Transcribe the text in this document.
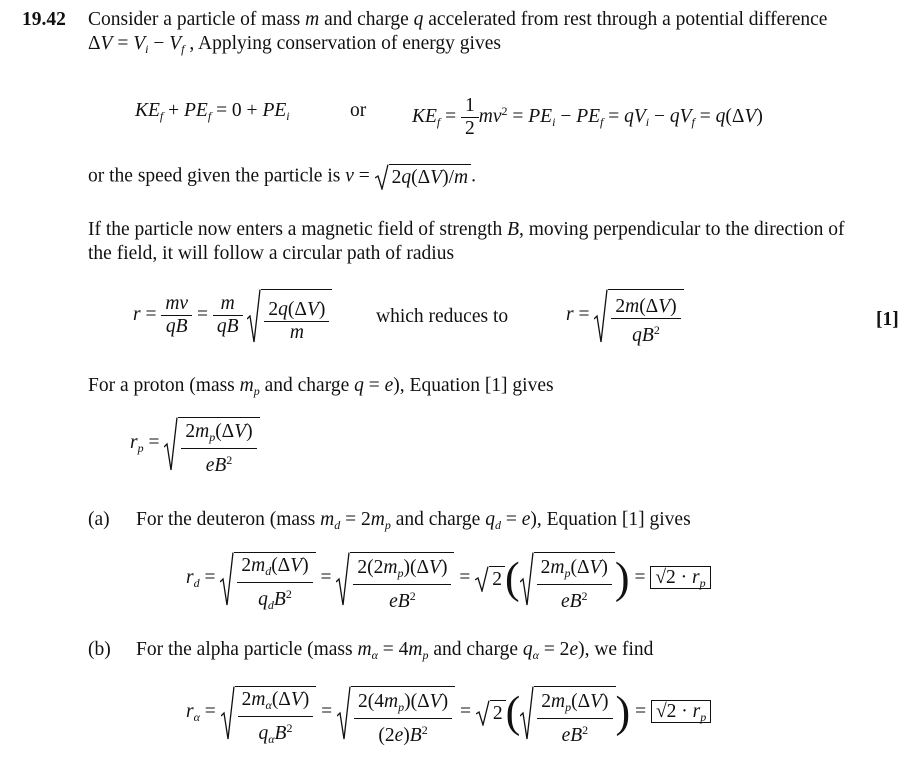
19.42 Consider a particle of mass m and charge q accelerated from rest through a potential difference
$\Delta V = V_i - V_f$ , Applying conservation of energy gives
$KE_f + PE_f = 0 + PE_i$	or $KE_f = \frac{1}{2} mv^2 = PE_i - PE_f = qV_i - qV_f = q(\Delta V)$
or the speed given the particle is v = 2q(ΔV)/m .
If the particle now enters a magnetic field of strength B, moving perpendicular to the direction of
the field, it will follow a circular path of radius
$r = \frac{mv}{qB} = \frac{m}{qB}$
$\frac{2q(\Delta V)}{m}$ which reduces to	$r = \frac{2m(\Delta V)}{qB^2}$	[1]
For a proton (mass $m_p$ and charge q = e), Equation [1] gives
$r_p = \frac{2m_p(\Delta V)}{eB^2}$
(a) For the deuteron (mass $m_d = 2m_p$ and charge $q_d = e$), Equation [1] gives
$r_d = \frac{2m_d(\Delta V)}{q_dB^2} = \frac{2(2m_p)(\Delta V)}{eB^2} = 2$ ( $\frac{2m_p(\Delta V)}{eB^2}$ ) = $√2 \cdot r_p$
(b) For the alpha particle (mass $m_\alpha = 4m_p$ and charge $q_\alpha = 2e$), we find
$r_\alpha = \frac{2m_\alpha(\Delta V)}{q_\alpha B^2} = \frac{2(4m_p)(\Delta V)}{(2e)B^2} = 2$ ( $\frac{2m_p(\Delta V)}{eB^2}$ ) = $√2 \cdot r_p$
